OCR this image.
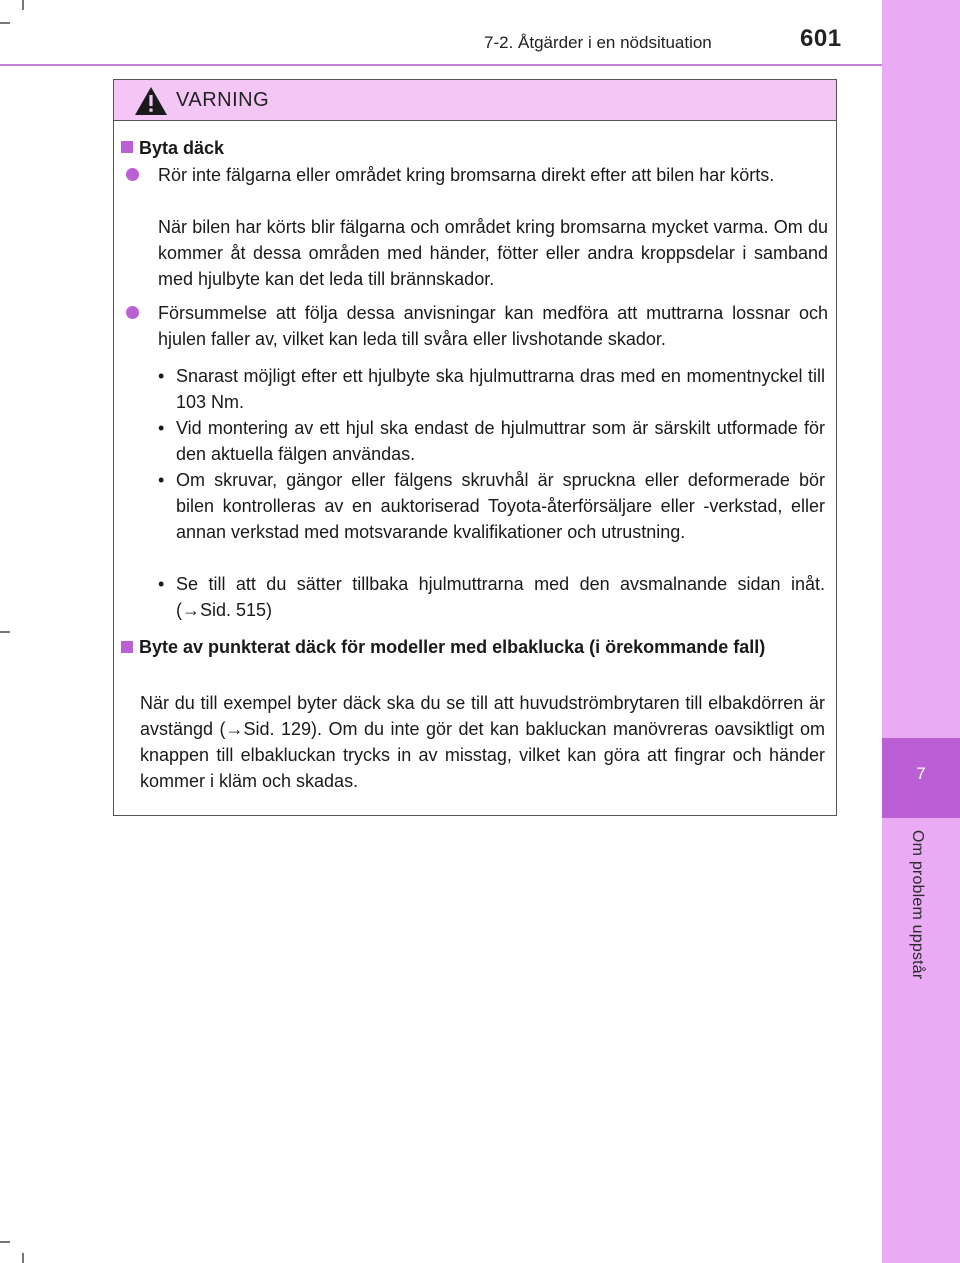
7
Om problem uppstår
7-2. Åtgärder i en nödsituation	601
VARNING
Byta däck
Rör inte fälgarna eller området kring bromsarna direkt efter att bilen har körts.
När bilen har körts blir fälgarna och området kring bromsarna mycket varma. Om du kommer åt dessa områden med händer, fötter eller andra kroppsdelar i samband med hjulbyte kan det leda till brännskador.
Försummelse att följa dessa anvisningar kan medföra att muttrarna lossnar och hjulen faller av, vilket kan leda till svåra eller livshotande skador.
• Snarast möjligt efter ett hjulbyte ska hjulmuttrarna dras med en momentnyckel till 103 Nm.
• Vid montering av ett hjul ska endast de hjulmuttrar som är särskilt utformade för den aktuella fälgen användas.
• Om skruvar, gängor eller fälgens skruvhål är spruckna eller deformerade bör bilen kontrolleras av en auktoriserad Toyota-återförsäljare eller -verkstad, eller annan verkstad med motsvarande kvalifikationer och utrustning.
• Se till att du sätter tillbaka hjulmuttrarna med den avsmalnande sidan inåt. (→Sid. 515)
Byte av punkterat däck för modeller med elbaklucka (i örekommande fall)
När du till exempel byter däck ska du se till att huvudströmbrytaren till elbakdörren är avstängd (→Sid. 129). Om du inte gör det kan bakluckan manövreras oavsiktligt om knappen till elbakluckan trycks in av misstag, vilket kan göra att fingrar och händer kommer i kläm och skadas.
